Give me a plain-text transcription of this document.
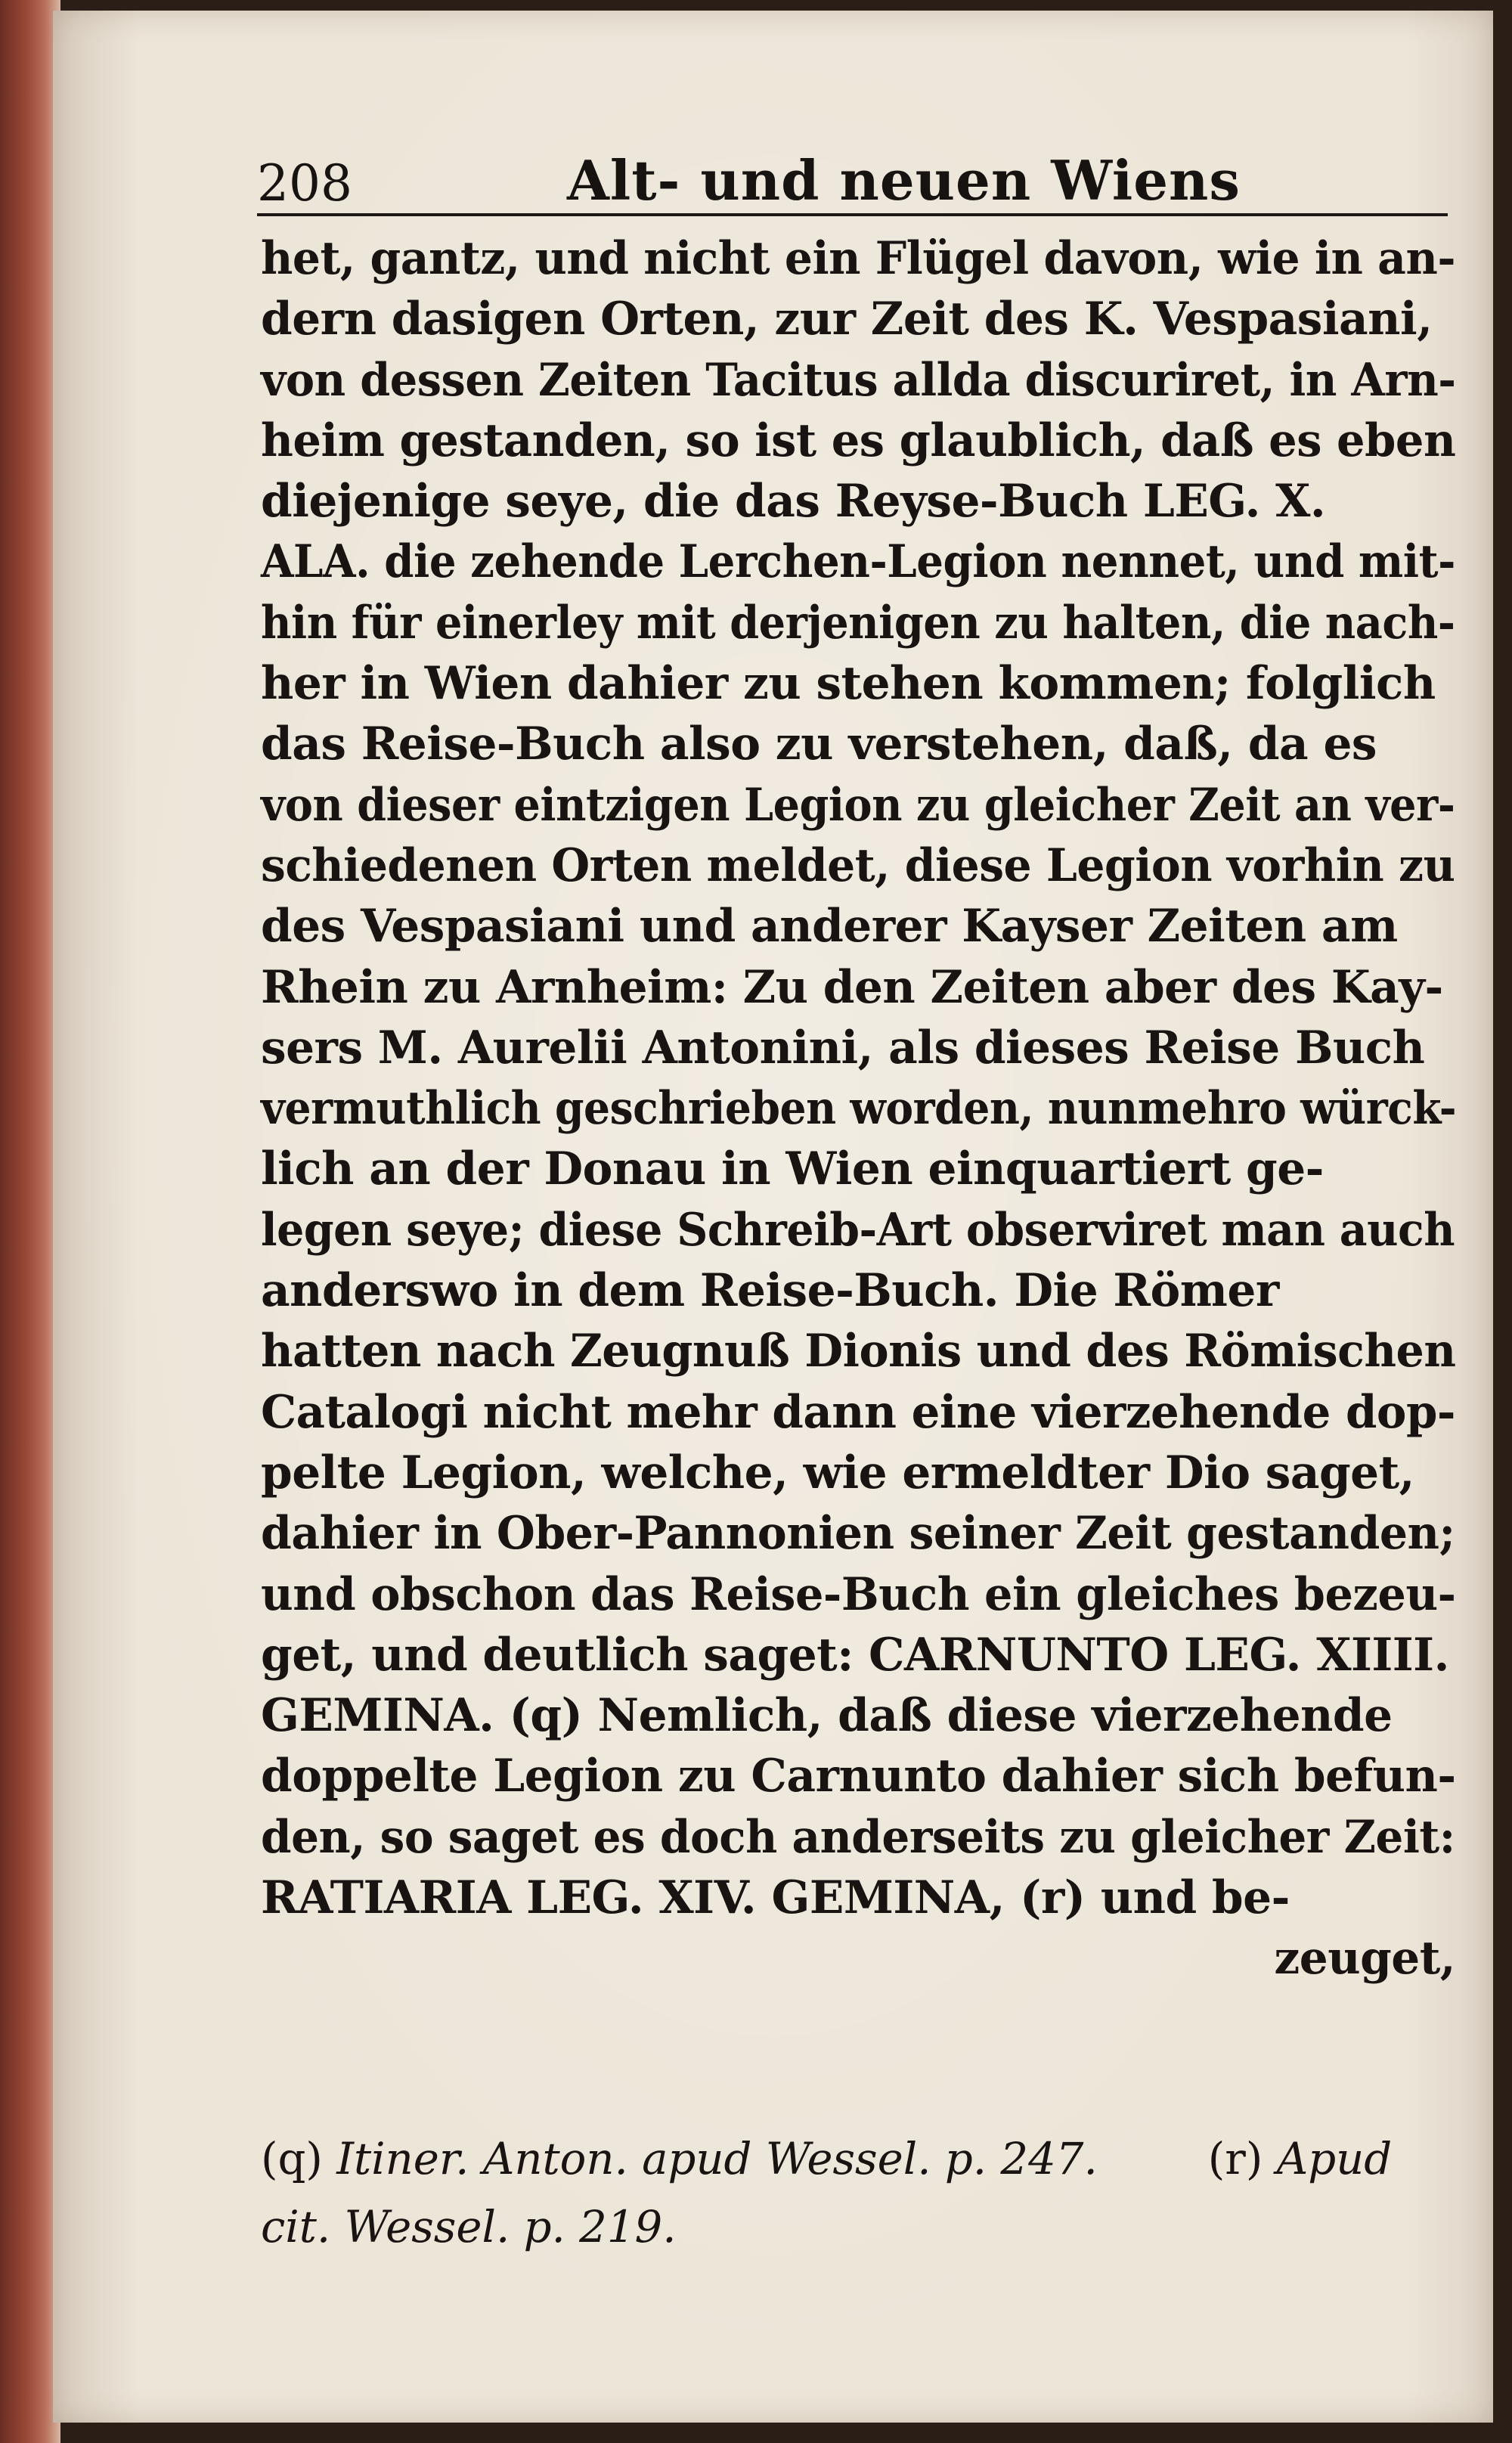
208	Alt- und neuen Wiens
het, gantz, und nicht ein Flügel davon, wie in an-
dern dasigen Orten, zur Zeit des K. Vespasiani,
von dessen Zeiten Tacitus allda discuriret, in Arn-
heim gestanden, so ist es glaublich, daß es eben
diejenige seye, die das Reyse-Buch LEG. X.
ALA. die zehende Lerchen-Legion nennet, und mit-
hin für einerley mit derjenigen zu halten, die nach-
her in Wien dahier zu stehen kommen; folglich
das Reise-Buch also zu verstehen, daß, da es
von dieser eintzigen Legion zu gleicher Zeit an ver-
schiedenen Orten meldet, diese Legion vorhin zu
des Vespasiani und anderer Kayser Zeiten am
Rhein zu Arnheim: Zu den Zeiten aber des Kay-
sers M. Aurelii Antonini, als dieses Reise Buch
vermuthlich geschrieben worden, nunmehro würck-
lich an der Donau in Wien einquartiert ge-
legen seye; diese Schreib-Art observiret man auch
anderswo in dem Reise-Buch. Die Römer
hatten nach Zeugnuß Dionis und des Römischen
Catalogi nicht mehr dann eine vierzehende dop-
pelte Legion, welche, wie ermeldter Dio saget,
dahier in Ober-Pannonien seiner Zeit gestanden;
und obschon das Reise-Buch ein gleiches bezeu-
get, und deutlich saget: CARNUNTO LEG. XIIII.
GEMINA. (q) Nemlich, daß diese vierzehende
doppelte Legion zu Carnunto dahier sich befun-
den, so saget es doch anderseits zu gleicher Zeit:
RATIARIA LEG. XIV. GEMINA, (r) und be-
zeuget,
(q) Itiner. Anton. apud Wessel. p. 247.	(r) Apud
cit. Wessel. p. 219.
